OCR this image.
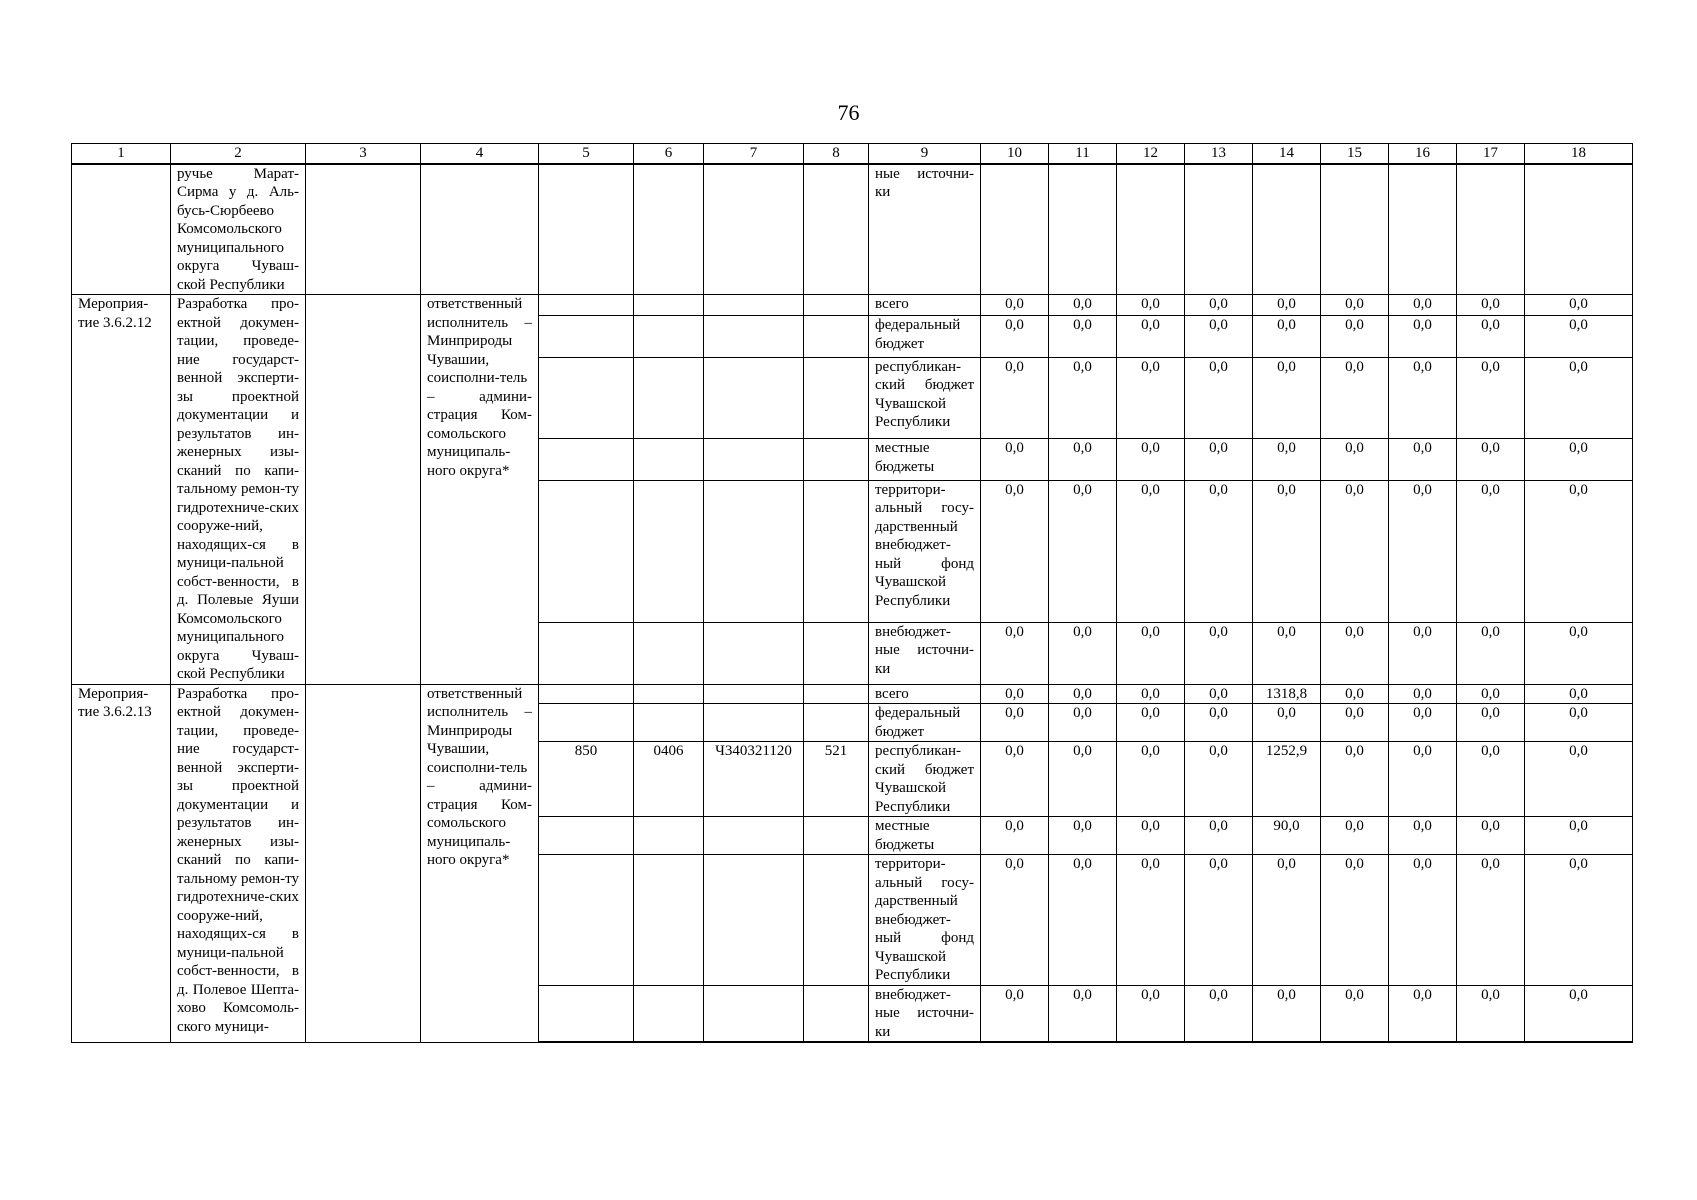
76
1	2	3	4	5	6	7	8	9	10	11	12	13	14	15	16	17	18
	ручье Марат-Сирма у д. Аль-бусь-Сюрбеево Комсомольского муниципального округа Чуваш-ской Республики							ные источни-ки									
Мероприя-тие 3.6.2.12	Разработка про-ектной докумен-тации, проведе-ние государст-венной эксперти-зы проектной документации и результатов ин-женерных изы-сканий по капи-тальному ремон-ту гидротехниче-ских сооруже-ний, находящих-ся в муници-пальной собст-венности, в д. Полевые Яуши Комсомольского муниципального округа Чуваш-ской Республики		ответственный исполнитель – Минприроды Чувашии, соисполни-тель – админи-страция Ком-сомольского муниципаль-ного округа*					всего	0,0	0,0	0,0	0,0	0,0	0,0	0,0	0,0	0,0
								федеральный бюджет	0,0	0,0	0,0	0,0	0,0	0,0	0,0	0,0	0,0
								республикан-ский бюджет Чувашской Республики	0,0	0,0	0,0	0,0	0,0	0,0	0,0	0,0	0,0
								местные бюджеты	0,0	0,0	0,0	0,0	0,0	0,0	0,0	0,0	0,0
								территори-альный госу-дарственный внебюджет-ный фонд Чувашской Республики	0,0	0,0	0,0	0,0	0,0	0,0	0,0	0,0	0,0
								внебюджет-ные источни-ки	0,0	0,0	0,0	0,0	0,0	0,0	0,0	0,0	0,0
Мероприя-тие 3.6.2.13	Разработка про-ектной докумен-тации, проведе-ние государст-венной эксперти-зы проектной документации и результатов ин-женерных изы-сканий по капи-тальному ремон-ту гидротехниче-ских сооруже-ний, находящих-ся в муници-пальной собст-венности, в д. Полевое Шепта-хово Комсомоль-ского муници-		ответственный исполнитель – Минприроды Чувашии, соисполни-тель – админи-страция Ком-сомольского муниципаль-ного округа*					всего	0,0	0,0	0,0	0,0	1318,8	0,0	0,0	0,0	0,0
								федеральный бюджет	0,0	0,0	0,0	0,0	0,0	0,0	0,0	0,0	0,0
				850	0406	Ч340321120	521	республикан-ский бюджет Чувашской Республики	0,0	0,0	0,0	0,0	1252,9	0,0	0,0	0,0	0,0
								местные бюджеты	0,0	0,0	0,0	0,0	90,0	0,0	0,0	0,0	0,0
								территори-альный госу-дарственный внебюджет-ный фонд Чувашской Республики	0,0	0,0	0,0	0,0	0,0	0,0	0,0	0,0	0,0
								внебюджет-ные источни-ки	0,0	0,0	0,0	0,0	0,0	0,0	0,0	0,0	0,0
